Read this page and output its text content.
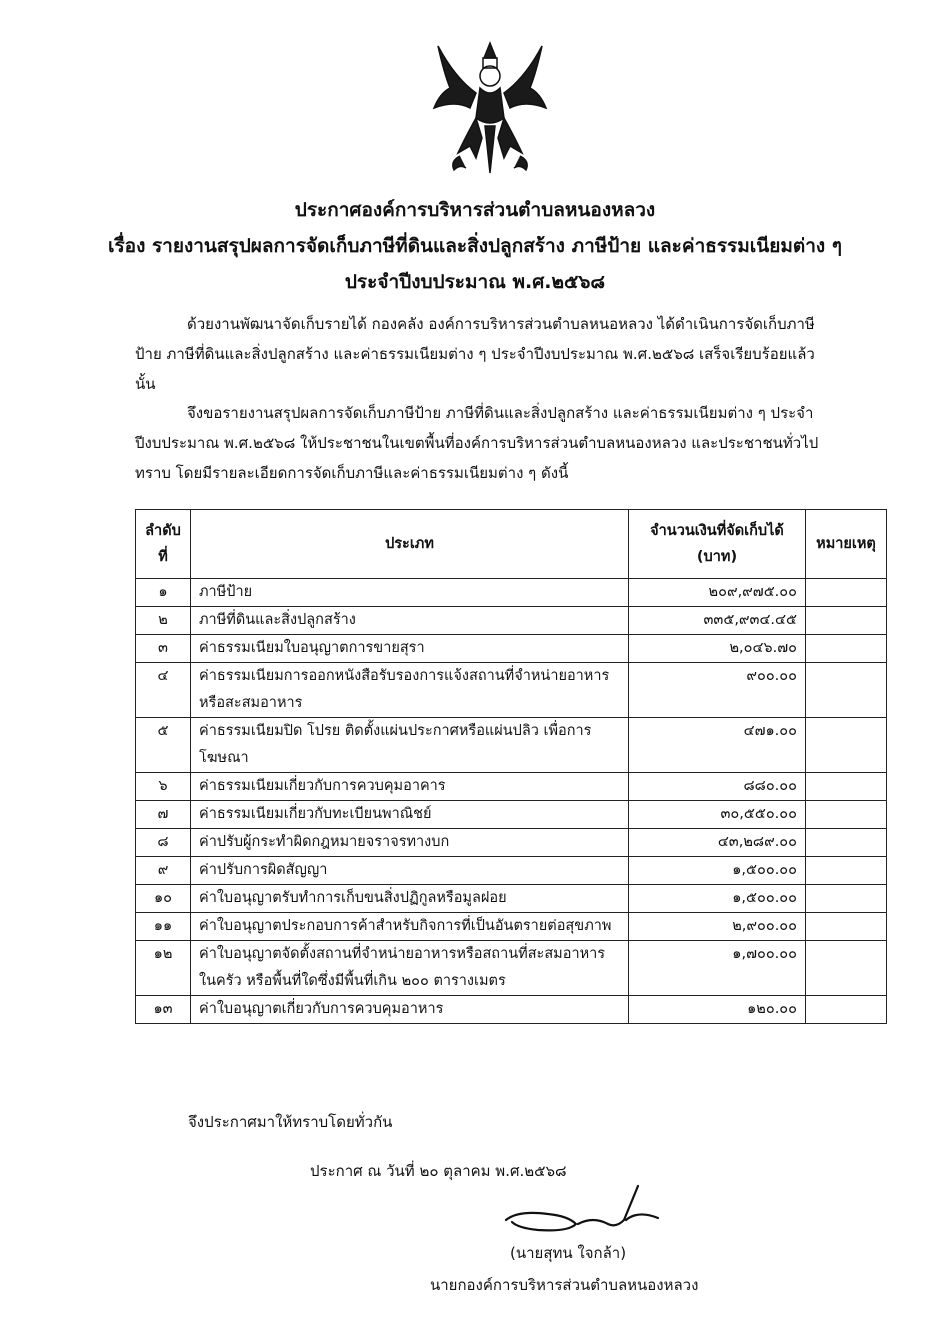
ประกาศองค์การบริหารส่วนตำบลหนองหลวง
เรื่อง รายงานสรุปผลการจัดเก็บภาษีที่ดินและสิ่งปลูกสร้าง ภาษีป้าย และค่าธรรมเนียมต่าง ๆ
ประจำปีงบประมาณ พ.ศ.๒๕๖๘
ด้วยงานพัฒนาจัดเก็บรายได้ กองคลัง องค์การบริหารส่วนตำบลหนอหลวง ได้ดำเนินการจัดเก็บภาษีป้าย ภาษีที่ดินและสิ่งปลูกสร้าง และค่าธรรมเนียมต่าง ๆ ประจำปีงบประมาณ พ.ศ.๒๕๖๘ เสร็จเรียบร้อยแล้วนั้น
จึงขอรายงานสรุปผลการจัดเก็บภาษีป้าย ภาษีที่ดินและสิ่งปลูกสร้าง และค่าธรรมเนียมต่าง ๆ ประจำปีงบประมาณ พ.ศ.๒๕๖๘ ให้ประชาชนในเขตพื้นที่องค์การบริหารส่วนตำบลหนองหลวง และประชาชนทั่วไปทราบ โดยมีรายละเอียดการจัดเก็บภาษีและค่าธรรมเนียมต่าง ๆ ดังนี้
ลำดับที่	ประเภท	จำนวนเงินที่จัดเก็บได้ (บาท)	หมายเหตุ
๑	ภาษีป้าย	๒๐๙,๙๗๕.๐๐	
๒	ภาษีที่ดินและสิ่งปลูกสร้าง	๓๓๕,๙๓๔.๔๕	
๓	ค่าธรรมเนียมใบอนุญาตการขายสุรา	๒,๐๔๖.๗๐	
๔	ค่าธรรมเนียมการออกหนังสือรับรองการแจ้งสถานที่จำหน่ายอาหารหรือสะสมอาหาร	๙๐๐.๐๐	
๕	ค่าธรรมเนียมปิด โปรย ติดตั้งแผ่นประกาศหรือแผ่นปลิว เพื่อการโฆษณา	๔๗๑.๐๐	
๖	ค่าธรรมเนียมเกี่ยวกับการควบคุมอาคาร	๘๘๐.๐๐	
๗	ค่าธรรมเนียมเกี่ยวกับทะเบียนพาณิชย์	๓๐,๕๕๐.๐๐	
๘	ค่าปรับผู้กระทำผิดกฎหมายจราจรทางบก	๔๓,๒๘๙.๐๐	
๙	ค่าปรับการผิดสัญญา	๑,๕๐๐.๐๐	
๑๐	ค่าใบอนุญาตรับทำการเก็บขนสิ่งปฏิกูลหรือมูลฝอย	๑,๕๐๐.๐๐	
๑๑	ค่าใบอนุญาตประกอบการค้าสำหรับกิจการที่เป็นอันตรายต่อสุขภาพ	๒,๙๐๐.๐๐	
๑๒	ค่าใบอนุญาตจัดตั้งสถานที่จำหน่ายอาหารหรือสถานที่สะสมอาหารในครัว หรือพื้นที่ใดซึ่งมีพื้นที่เกิน ๒๐๐ ตารางเมตร	๑,๗๐๐.๐๐	
๑๓	ค่าใบอนุญาตเกี่ยวกับการควบคุมอาหาร	๑๒๐.๐๐	
จึงประกาศมาให้ทราบโดยทั่วกัน
ประกาศ ณ วันที่ ๒๐ ตุลาคม พ.ศ.๒๕๖๘
(นายสุทน ใจกล้า)
นายกองค์การบริหารส่วนตำบลหนองหลวง
